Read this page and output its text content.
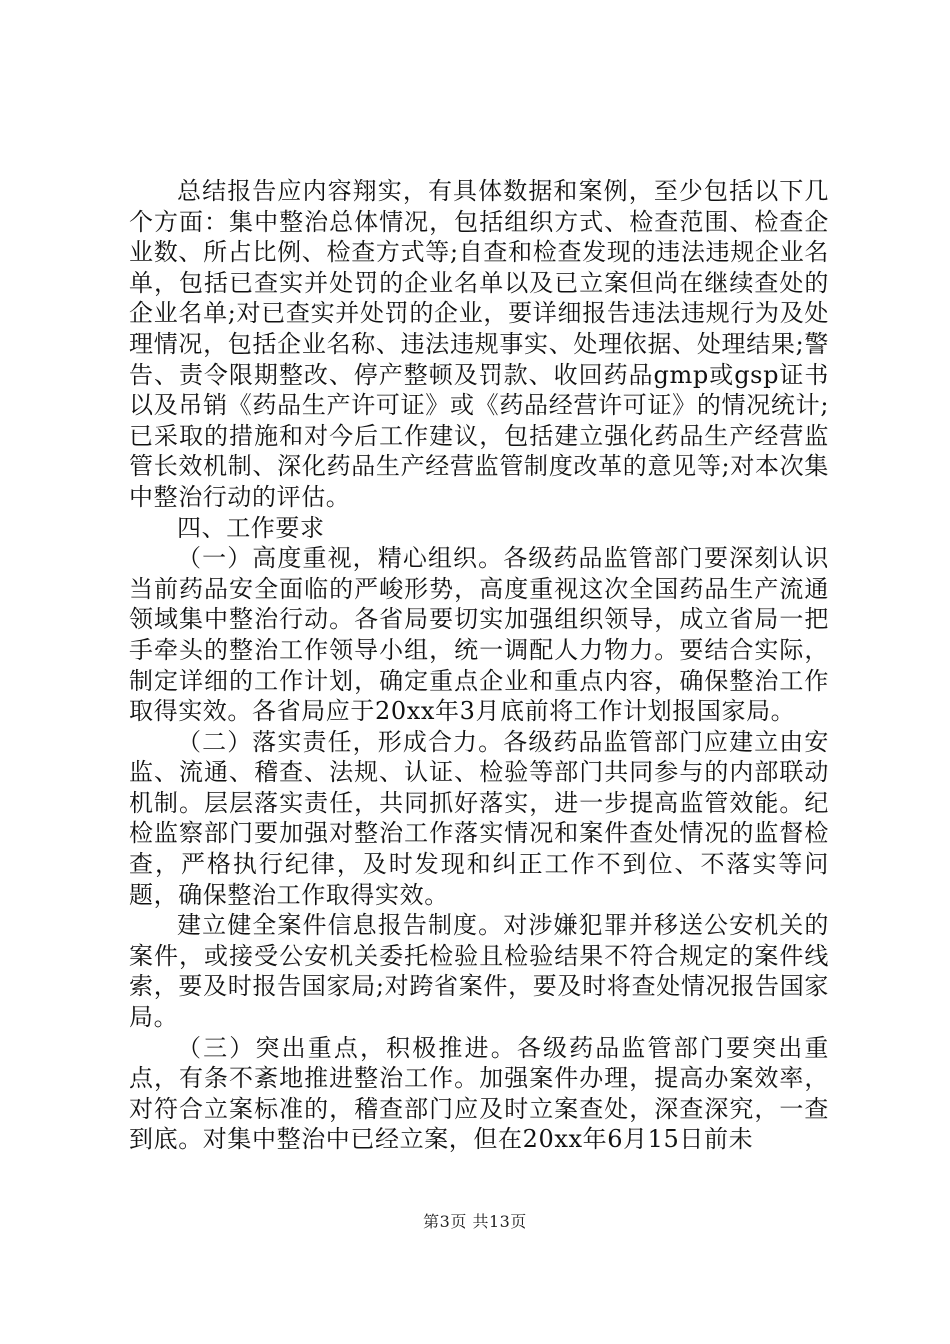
总结报告应内容翔实，有具体数据和案例，至少包括以下几个方面：集中整治总体情况，包括组织方式、检查范围、检查企业数、所占比例、检查方式等;自查和检查发现的违法违规企业名单，包括已查实并处罚的企业名单以及已立案但尚在继续查处的企业名单;对已查实并处罚的企业，要详细报告违法违规行为及处理情况，包括企业名称、违法违规事实、处理依据、处理结果;警告、责令限期整改、停产整顿及罚款、收回药品gmp或gsp证书以及吊销《药品生产许可证》或《药品经营许可证》的情况统计;已采取的措施和对今后工作建议，包括建立强化药品生产经营监管长效机制、深化药品生产经营监管制度改革的意见等;对本次集中整治行动的评估。

四、工作要求

（一）高度重视，精心组织。各级药品监管部门要深刻认识当前药品安全面临的严峻形势，高度重视这次全国药品生产流通领域集中整治行动。各省局要切实加强组织领导，成立省局一把手牵头的整治工作领导小组，统一调配人力物力。要结合实际，制定详细的工作计划，确定重点企业和重点内容，确保整治工作取得实效。各省局应于20xx年3月底前将工作计划报国家局。

（二）落实责任，形成合力。各级药品监管部门应建立由安监、流通、稽查、法规、认证、检验等部门共同参与的内部联动机制。层层落实责任，共同抓好落实，进一步提高监管效能。纪检监察部门要加强对整治工作落实情况和案件查处情况的监督检查，严格执行纪律，及时发现和纠正工作不到位、不落实等问题，确保整治工作取得实效。

建立健全案件信息报告制度。对涉嫌犯罪并移送公安机关的案件，或接受公安机关委托检验且检验结果不符合规定的案件线索，要及时报告国家局;对跨省案件，要及时将查处情况报告国家局。

（三）突出重点，积极推进。各级药品监管部门要突出重点，有条不紊地推进整治工作。加强案件办理，提高办案效率，对符合立案标准的，稽查部门应及时立案查处，深查深究，一查到底。对集中整治中已经立案，但在20xx年6月15日前未

第3页 共13页
